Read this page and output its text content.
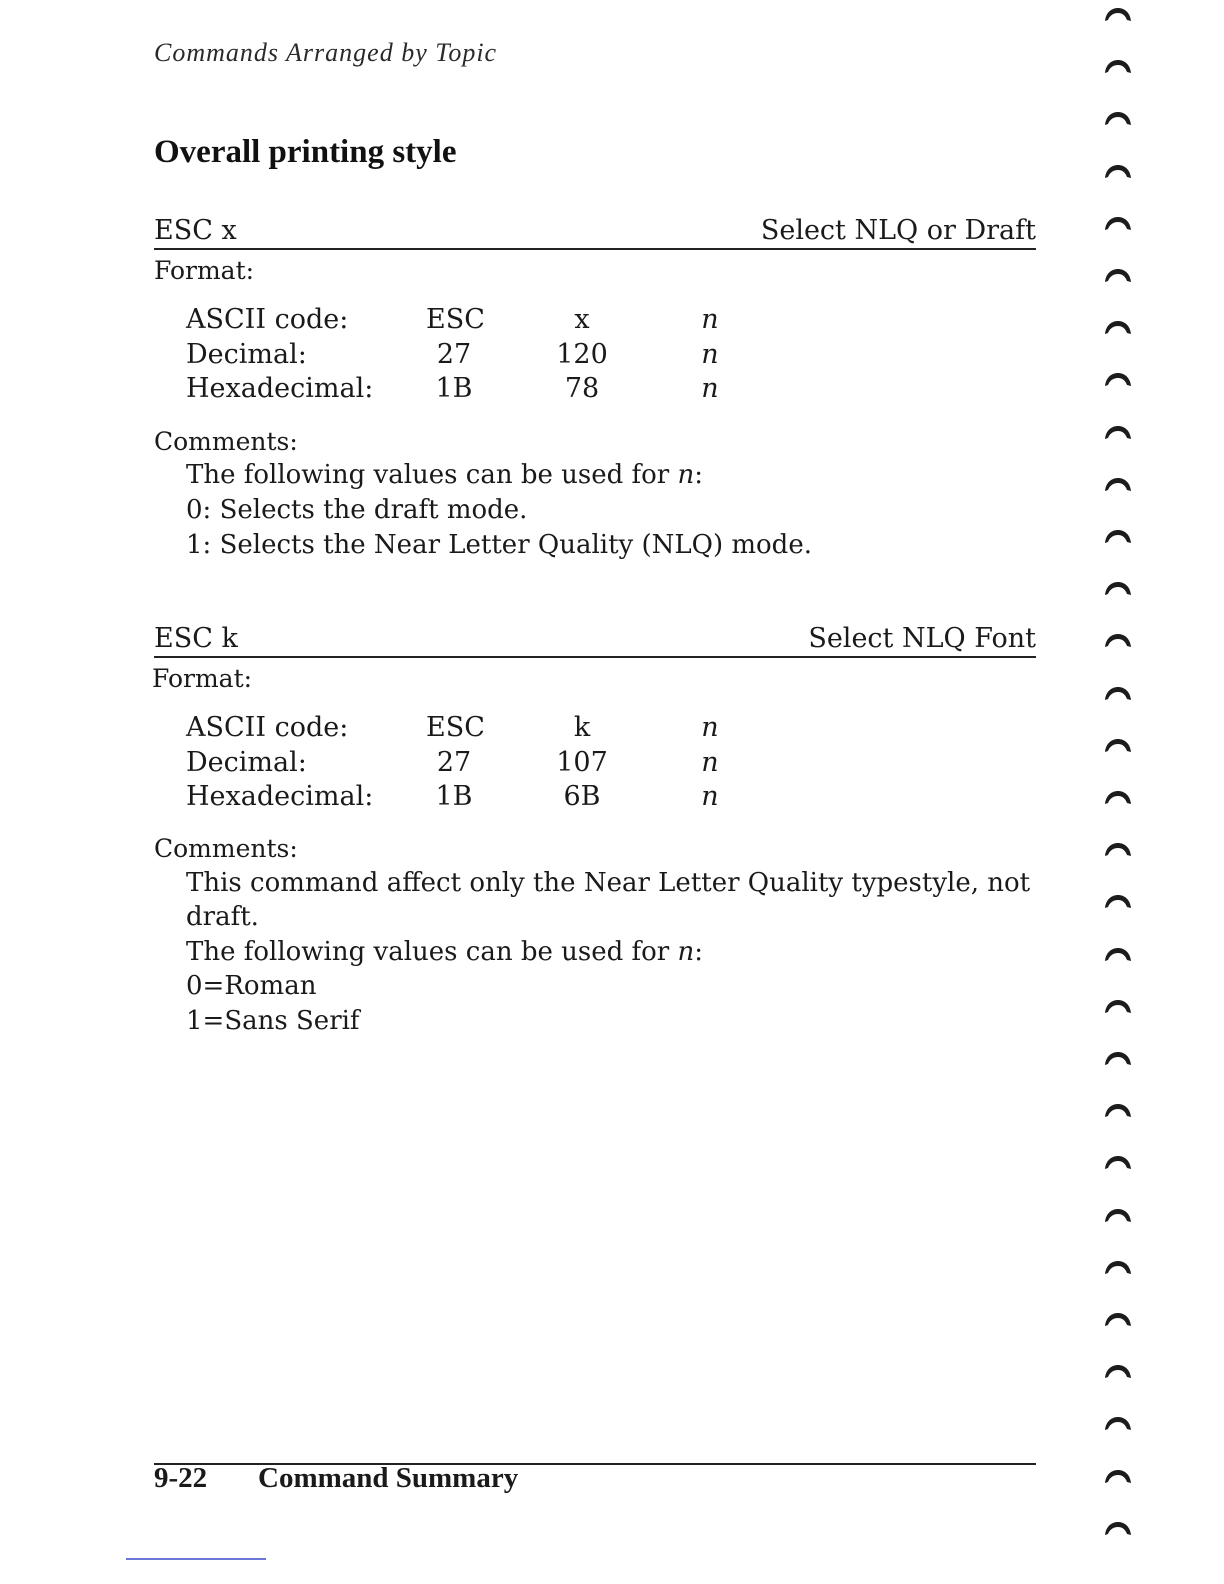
Commands Arranged by Topic
Overall printing style
ESC x	Select NLQ or Draft
Format:
ASCII code:	ESC	x	n
Decimal:	27	120	n
Hexadecimal:	1B	78	n
Comments:
The following values can be used for n:
0: Selects the draft mode.
1: Selects the Near Letter Quality (NLQ) mode.
ESC k	Select NLQ Font
Format:
ASCII code:	ESC	k	n
Decimal:	27	107	n
Hexadecimal:	1B	6B	n
Comments:
This command affect only the Near Letter Quality typestyle, not
draft.
The following values can be used for n:
0=Roman
1=Sans Serif
9-22 Command Summary
